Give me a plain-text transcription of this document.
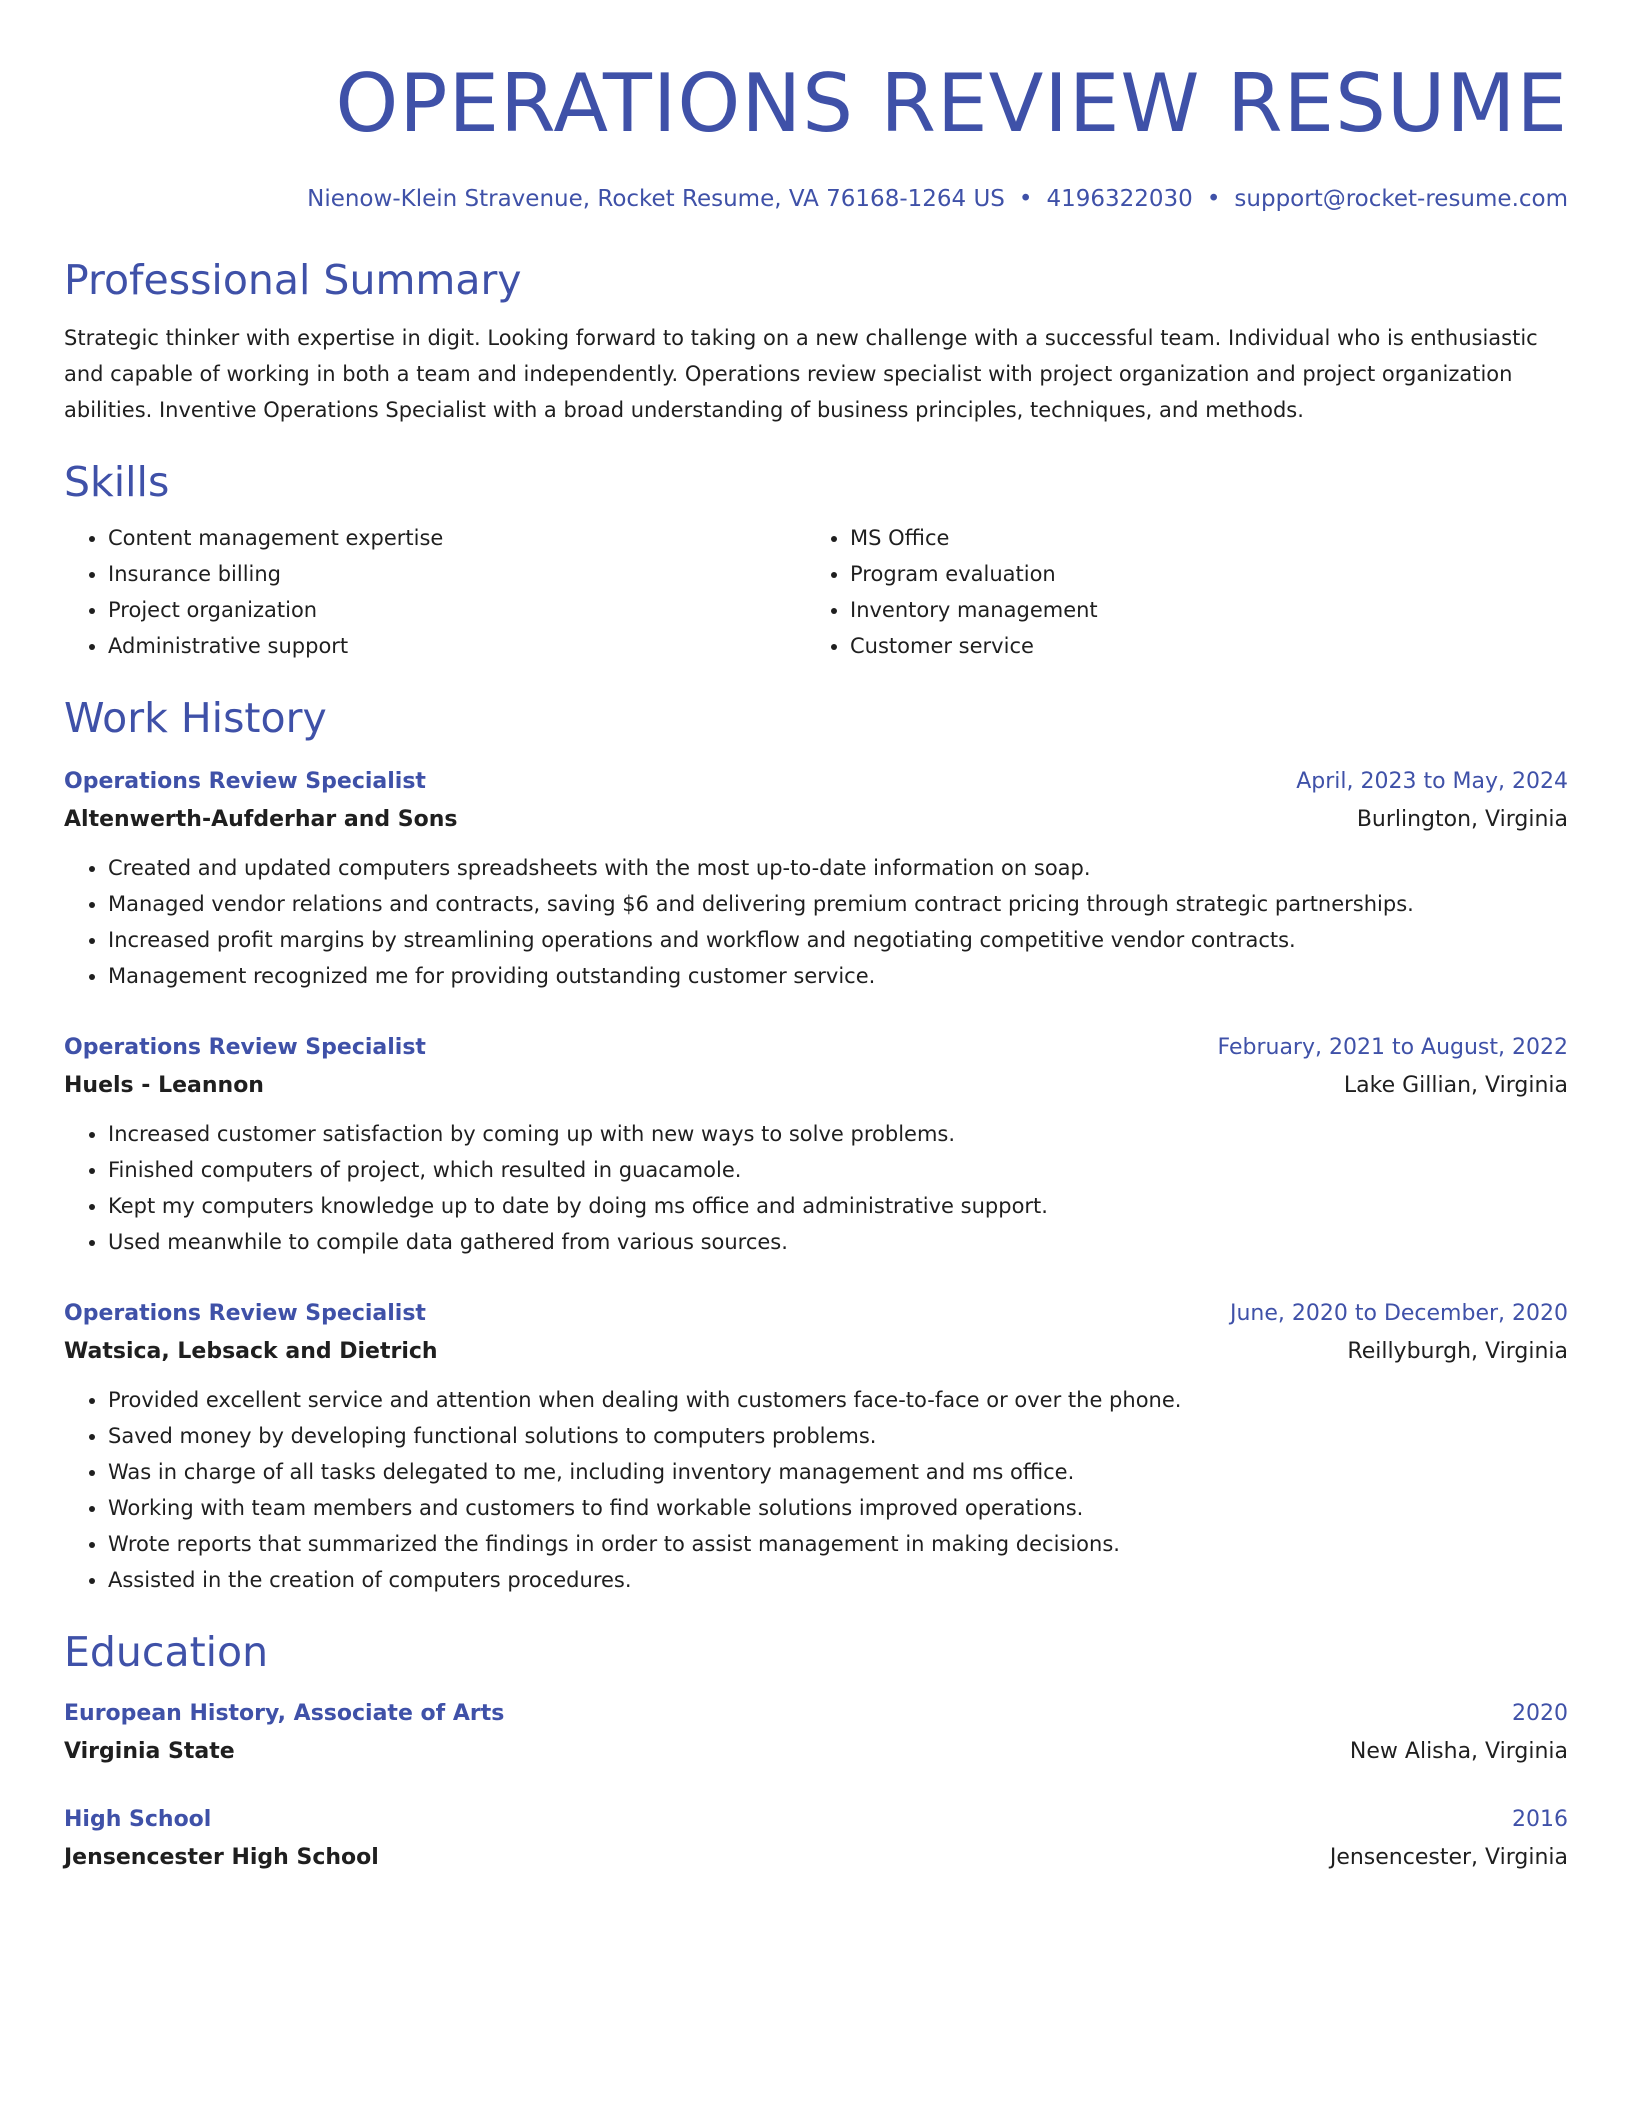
OPERATIONS REVIEW RESUME
Nienow-Klein Stravenue, Rocket Resume, VA 76168-1264 US • 4196322030 • support@rocket-resume.com
Professional Summary
Strategic thinker with expertise in digit. Looking forward to taking on a new challenge with a successful team. Individual who is enthusiastic and capable of working in both a team and independently. Operations review specialist with project organization and project organization abilities. Inventive Operations Specialist with a broad understanding of business principles, techniques, and methods.
Skills
• Content management expertise
• Insurance billing
• Project organization
• Administrative support
• MS Office
• Program evaluation
• Inventory management
• Customer service
Work History
Operations Review Specialist	April, 2023 to May, 2024
Altenwerth-Aufderhar and Sons	Burlington, Virginia
• Created and updated computers spreadsheets with the most up-to-date information on soap.
• Managed vendor relations and contracts, saving $6 and delivering premium contract pricing through strategic partnerships.
• Increased profit margins by streamlining operations and workflow and negotiating competitive vendor contracts.
• Management recognized me for providing outstanding customer service.
Operations Review Specialist	February, 2021 to August, 2022
Huels - Leannon	Lake Gillian, Virginia
• Increased customer satisfaction by coming up with new ways to solve problems.
• Finished computers of project, which resulted in guacamole.
• Kept my computers knowledge up to date by doing ms office and administrative support.
• Used meanwhile to compile data gathered from various sources.
Operations Review Specialist	June, 2020 to December, 2020
Watsica, Lebsack and Dietrich	Reillyburgh, Virginia
• Provided excellent service and attention when dealing with customers face-to-face or over the phone.
• Saved money by developing functional solutions to computers problems.
• Was in charge of all tasks delegated to me, including inventory management and ms office.
• Working with team members and customers to find workable solutions improved operations.
• Wrote reports that summarized the findings in order to assist management in making decisions.
• Assisted in the creation of computers procedures.
Education
European History, Associate of Arts	2020
Virginia State	New Alisha, Virginia
High School	2016
Jensencester High School	Jensencester, Virginia
